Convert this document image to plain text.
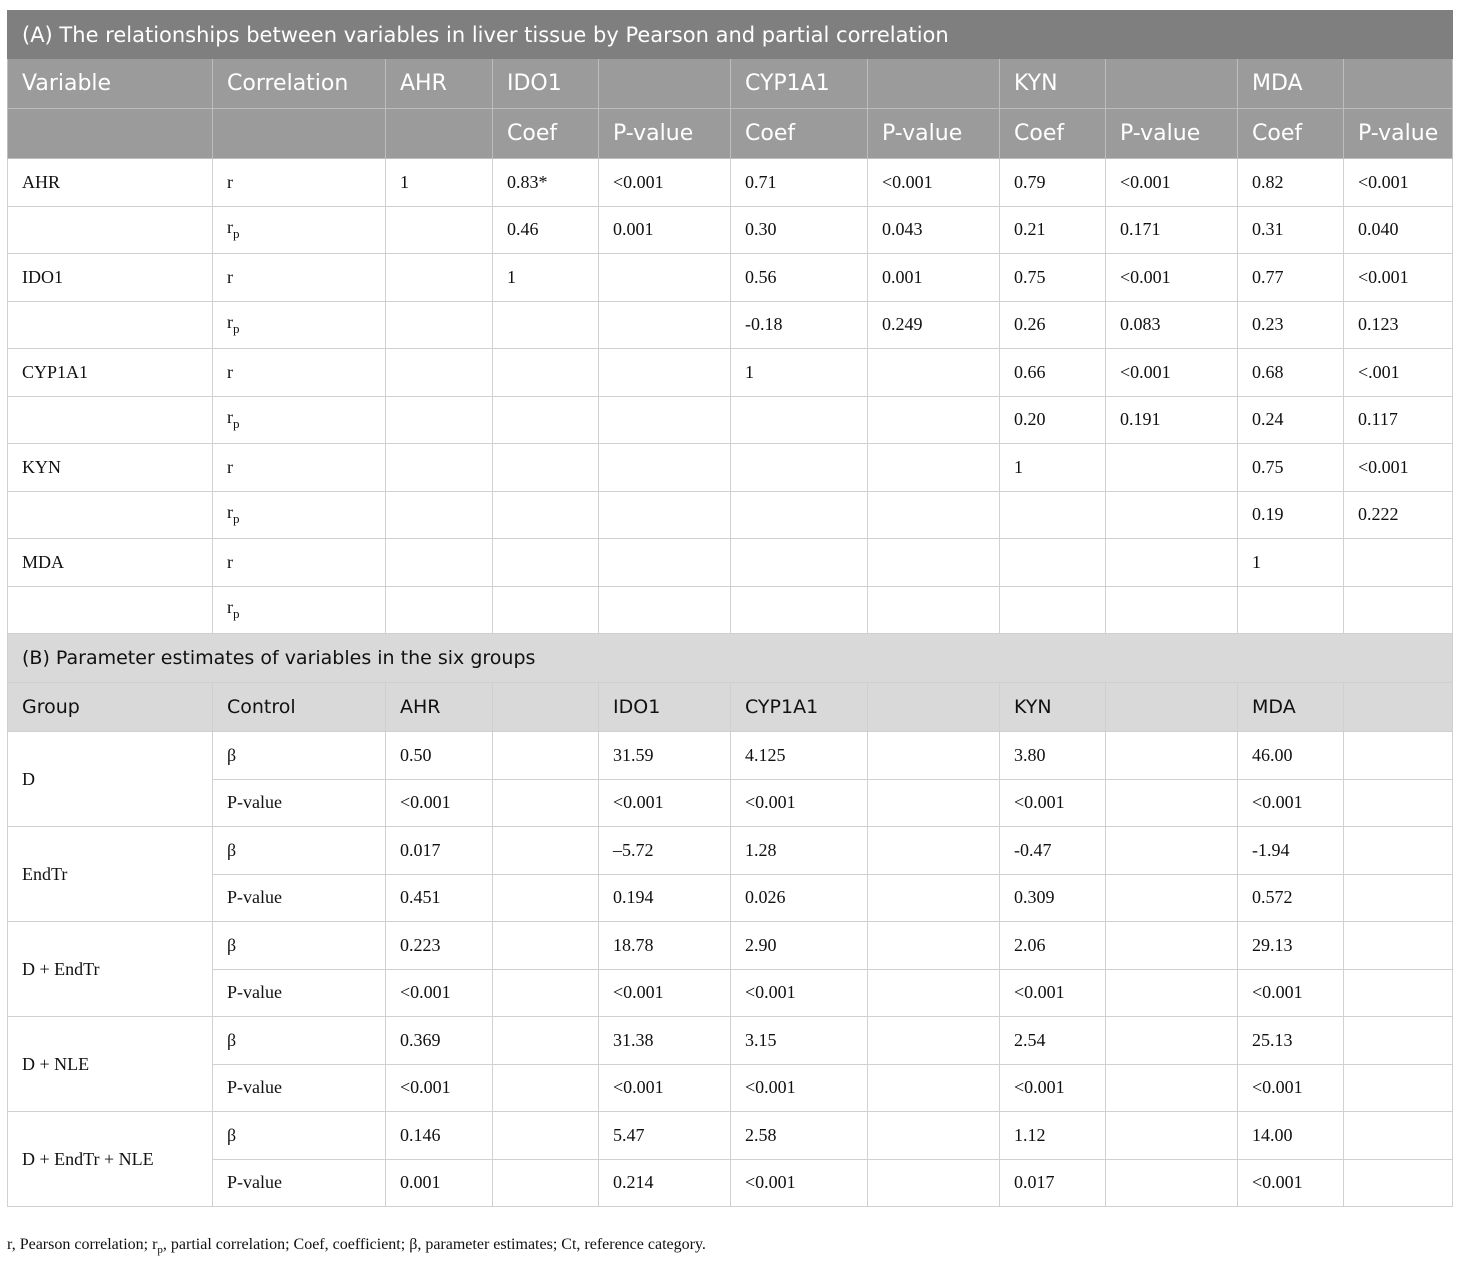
(A) The relationships between variables in liver tissue by Pearson and partial correlation										
Variable	Correlation	AHR	IDO1		CYP1A1		KYN		MDA	
			Coef	P-value	Coef	P-value	Coef	P-value	Coef	P-value
AHR	r	1	0.83*	<0.001	0.71	<0.001	0.79	<0.001	0.82	<0.001
	$r_p$		0.46	0.001	0.30	0.043	0.21	0.171	0.31	0.040
IDO1	r		1		0.56	0.001	0.75	<0.001	0.77	<0.001
	$r_p$				-0.18	0.249	0.26	0.083	0.23	0.123
CYP1A1	r				1		0.66	<0.001	0.68	<.001
	$r_p$						0.20	0.191	0.24	0.117
KYN	r						1		0.75	<0.001
	$r_p$								0.19	0.222
MDA	r								1	
	$r_p$									
(B) Parameter estimates of variables in the six groups										
Group	Control	AHR		IDO1	CYP1A1		KYN		MDA	
D	β	0.50		31.59	4.125		3.80		46.00	
	P-value	<0.001		<0.001	<0.001		<0.001		<0.001	
EndTr	β	0.017		–5.72	1.28		-0.47		-1.94	
	P-value	0.451		0.194	0.026		0.309		0.572	
D + EndTr	β	0.223		18.78	2.90		2.06		29.13	
	P-value	<0.001		<0.001	<0.001		<0.001		<0.001	
D + NLE	β	0.369		31.38	3.15		2.54		25.13	
	P-value	<0.001		<0.001	<0.001		<0.001		<0.001	
D + EndTr + NLE	β	0.146		5.47	2.58		1.12		14.00	
	P-value	0.001		0.214	<0.001		0.017		<0.001	
r, Pearson correlation; $r_p$, partial correlation; Coef, coefficient; β, parameter estimates; Ct, reference category.
